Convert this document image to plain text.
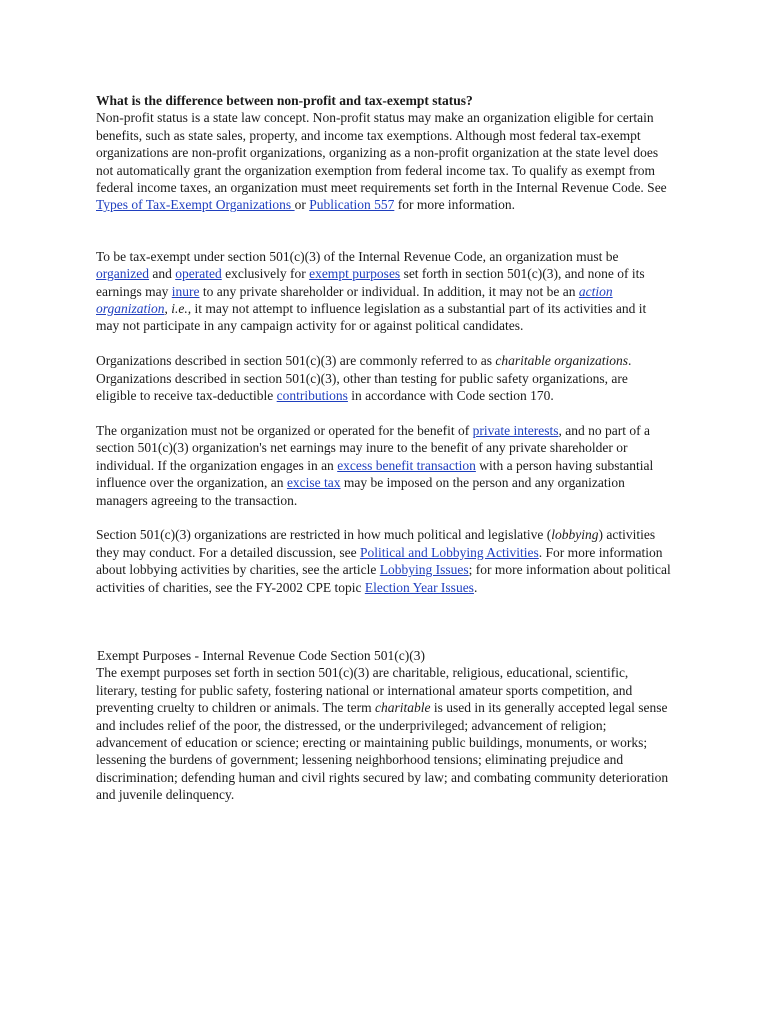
What is the difference between non-profit and tax-exempt status?

Non-profit status is a state law concept. Non-profit status may make an organization eligible for certain benefits, such as state sales, property, and income tax exemptions. Although most federal tax-exempt organizations are non-profit organizations, organizing as a non-profit organization at the state level does not automatically grant the organization exemption from federal income tax. To qualify as exempt from federal income taxes, an organization must meet requirements set forth in the Internal Revenue Code. See Types of Tax-Exempt Organizations or Publication 557 for more information.

To be tax-exempt under section 501(c)(3) of the Internal Revenue Code, an organization must be organized and operated exclusively for exempt purposes set forth in section 501(c)(3), and none of its earnings may inure to any private shareholder or individual. In addition, it may not be an action organization, i.e., it may not attempt to influence legislation as a substantial part of its activities and it may not participate in any campaign activity for or against political candidates.

Organizations described in section 501(c)(3) are commonly referred to as charitable organizations. Organizations described in section 501(c)(3), other than testing for public safety organizations, are eligible to receive tax-deductible contributions in accordance with Code section 170.

The organization must not be organized or operated for the benefit of private interests, and no part of a section 501(c)(3) organization's net earnings may inure to the benefit of any private shareholder or individual. If the organization engages in an excess benefit transaction with a person having substantial influence over the organization, an excise tax may be imposed on the person and any organization managers agreeing to the transaction.

Section 501(c)(3) organizations are restricted in how much political and legislative (lobbying) activities they may conduct. For a detailed discussion, see Political and Lobbying Activities. For more information about lobbying activities by charities, see the article Lobbying Issues; for more information about political activities of charities, see the FY-2002 CPE topic Election Year Issues.

Exempt Purposes - Internal Revenue Code Section 501(c)(3)

The exempt purposes set forth in section 501(c)(3) are charitable, religious, educational, scientific, literary, testing for public safety, fostering national or international amateur sports competition, and preventing cruelty to children or animals. The term charitable is used in its generally accepted legal sense and includes relief of the poor, the distressed, or the underprivileged; advancement of religion; advancement of education or science; erecting or maintaining public buildings, monuments, or works; lessening the burdens of government; lessening neighborhood tensions; eliminating prejudice and discrimination; defending human and civil rights secured by law; and combating community deterioration and juvenile delinquency.
